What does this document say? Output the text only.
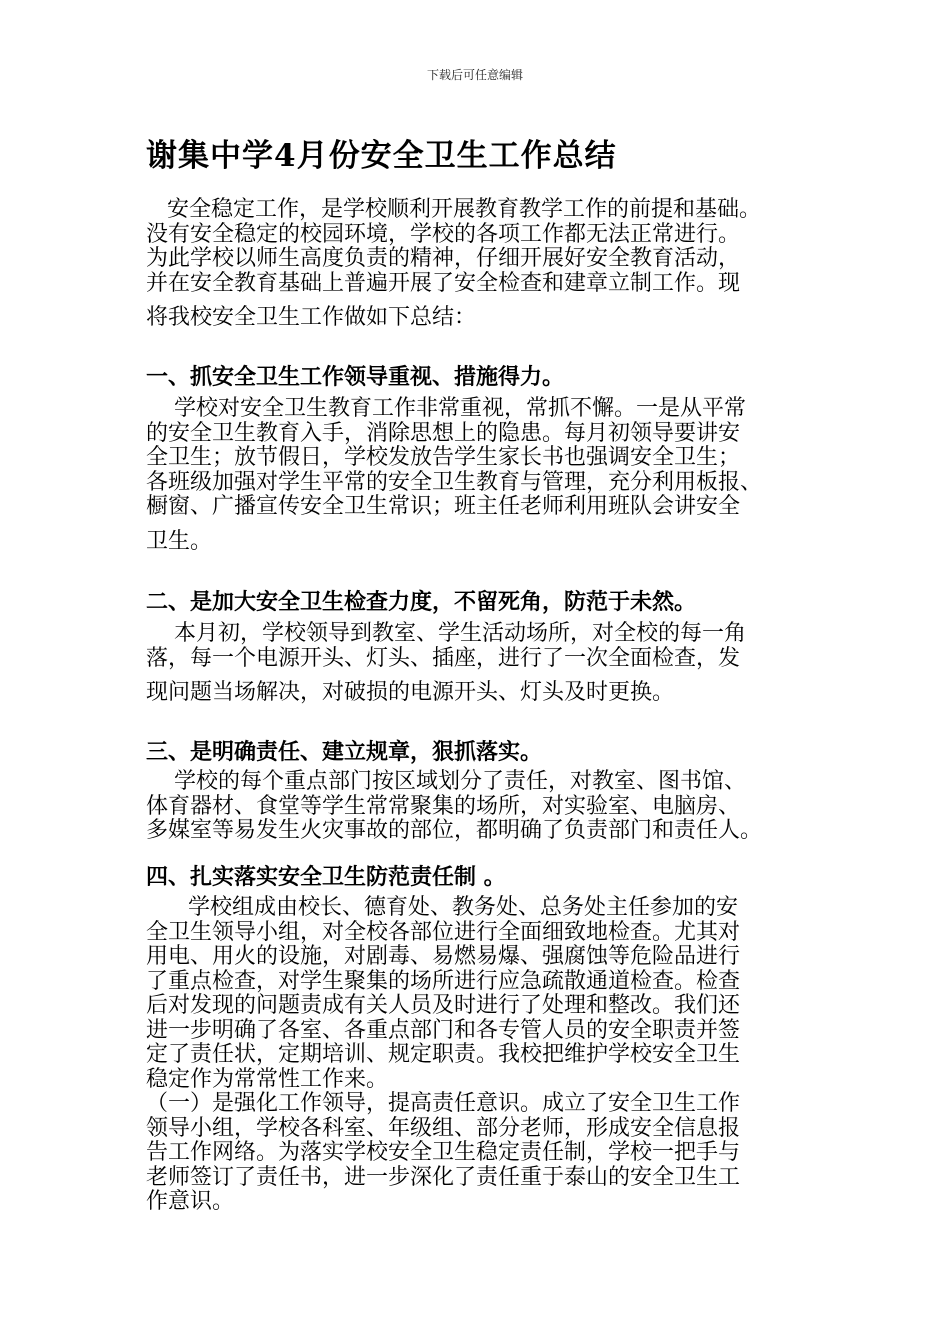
下载后可任意编辑
谢集中学4月份安全卫生工作总结
安全稳定工作，是学校顺利开展教育教学工作的前提和基础。
没有安全稳定的校园环境，学校的各项工作都无法正常进行。
为此学校以师生高度负责的精神，仔细开展好安全教育活动，
并在安全教育基础上普遍开展了安全检查和建章立制工作。现
将我校安全卫生工作做如下总结：
一、抓安全卫生工作领导重视、措施得力。
学校对安全卫生教育工作非常重视，常抓不懈。一是从平常
的安全卫生教育入手，消除思想上的隐患。每月初领导要讲安
全卫生；放节假日，学校发放告学生家长书也强调安全卫生；
各班级加强对学生平常的安全卫生教育与管理，充分利用板报、
橱窗、广播宣传安全卫生常识；班主任老师利用班队会讲安全
卫生。
二、是加大安全卫生检查力度，不留死角，防范于未然。
本月初，学校领导到教室、学生活动场所，对全校的每一角
落，每一个电源开头、灯头、插座，进行了一次全面检查，发
现问题当场解决，对破损的电源开头、灯头及时更换。
三、是明确责任、建立规章，狠抓落实。
学校的每个重点部门按区域划分了责任，对教室、图书馆、
体育器材、食堂等学生常常聚集的场所，对实验室、电脑房、
多媒室等易发生火灾事故的部位，都明确了负责部门和责任人。
四、扎实落实安全卫生防范责任制 。
学校组成由校长、德育处、教务处、总务处主任参加的安
全卫生领导小组，对全校各部位进行全面细致地检查。尤其对
用电、用火的设施，对剧毒、易燃易爆、强腐蚀等危险品进行
了重点检查，对学生聚集的场所进行应急疏散通道检查。检查
后对发现的问题责成有关人员及时进行了处理和整改。我们还
进一步明确了各室、各重点部门和各专管人员的安全职责并签
定了责任状，定期培训、规定职责。我校把维护学校安全卫生
稳定作为常常性工作来。
（一）是强化工作领导，提高责任意识。成立了安全卫生工作
领导小组，学校各科室、年级组、部分老师，形成安全信息报
告工作网络。为落实学校安全卫生稳定责任制，学校一把手与
老师签订了责任书，进一步深化了责任重于泰山的安全卫生工
作意识。
